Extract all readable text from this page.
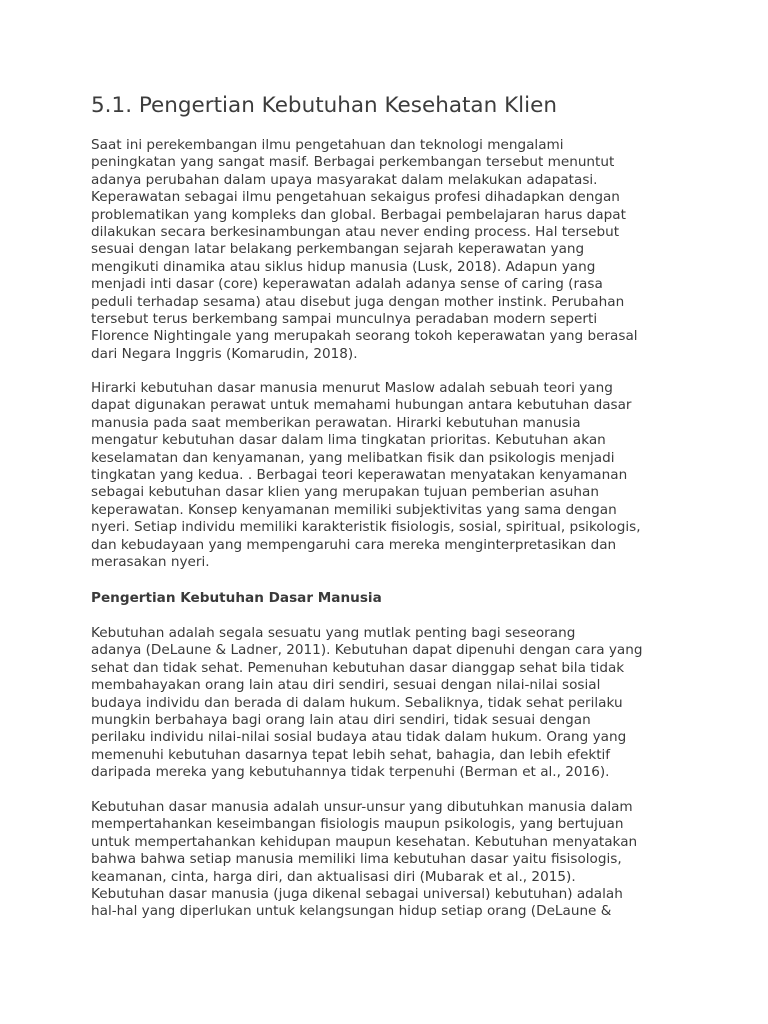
5.1. Pengertian Kebutuhan Kesehatan Klien
Saat ini perekembangan ilmu pengetahuan dan teknologi mengalami
peningkatan yang sangat masif. Berbagai perkembangan tersebut menuntut
adanya perubahan dalam upaya masyarakat dalam melakukan adapatasi.
Keperawatan sebagai ilmu pengetahuan sekaigus profesi dihadapkan dengan
problematikan yang kompleks dan global. Berbagai pembelajaran harus dapat
dilakukan secara berkesinambungan atau never ending process. Hal tersebut
sesuai dengan latar belakang perkembangan sejarah keperawatan yang
mengikuti dinamika atau siklus hidup manusia (Lusk, 2018). Adapun yang
menjadi inti dasar (core) keperawatan adalah adanya sense of caring (rasa
peduli terhadap sesama) atau disebut juga dengan mother instink. Perubahan
tersebut terus berkembang sampai munculnya peradaban modern seperti
Florence Nightingale yang merupakah seorang tokoh keperawatan yang berasal
dari Negara Inggris (Komarudin, 2018).
Hirarki kebutuhan dasar manusia menurut Maslow adalah sebuah teori yang
dapat digunakan perawat untuk memahami hubungan antara kebutuhan dasar
manusia pada saat memberikan perawatan. Hirarki kebutuhan manusia
mengatur kebutuhan dasar dalam lima tingkatan prioritas. Kebutuhan akan
keselamatan dan kenyamanan, yang melibatkan fisik dan psikologis menjadi
tingkatan yang kedua. . Berbagai teori keperawatan menyatakan kenyamanan
sebagai kebutuhan dasar klien yang merupakan tujuan pemberian asuhan
keperawatan. Konsep kenyamanan memiliki subjektivitas yang sama dengan
nyeri. Setiap individu memiliki karakteristik fisiologis, sosial, spiritual, psikologis,
dan kebudayaan yang mempengaruhi cara mereka menginterpretasikan dan
merasakan nyeri.
Pengertian Kebutuhan Dasar Manusia
Kebutuhan adalah segala sesuatu yang mutlak penting bagi seseorang
adanya (DeLaune & Ladner, 2011). Kebutuhan dapat dipenuhi dengan cara yang
sehat dan tidak sehat. Pemenuhan kebutuhan dasar dianggap sehat bila tidak
membahayakan orang lain atau diri sendiri, sesuai dengan nilai-nilai sosial
budaya individu dan berada di dalam hukum. Sebaliknya, tidak sehat perilaku
mungkin berbahaya bagi orang lain atau diri sendiri, tidak sesuai dengan
perilaku individu nilai-nilai sosial budaya atau tidak dalam hukum. Orang yang
memenuhi kebutuhan dasarnya tepat lebih sehat, bahagia, dan lebih efektif
daripada mereka yang kebutuhannya tidak terpenuhi (Berman et al., 2016).
Kebutuhan dasar manusia adalah unsur-unsur yang dibutuhkan manusia dalam
mempertahankan keseimbangan fisiologis maupun psikologis, yang bertujuan
untuk mempertahankan kehidupan maupun kesehatan. Kebutuhan menyatakan
bahwa bahwa setiap manusia memiliki lima kebutuhan dasar yaitu fisisologis,
keamanan, cinta, harga diri, dan aktualisasi diri (Mubarak et al., 2015).
Kebutuhan dasar manusia (juga dikenal sebagai universal) kebutuhan) adalah
hal-hal yang diperlukan untuk kelangsungan hidup setiap orang (DeLaune &
